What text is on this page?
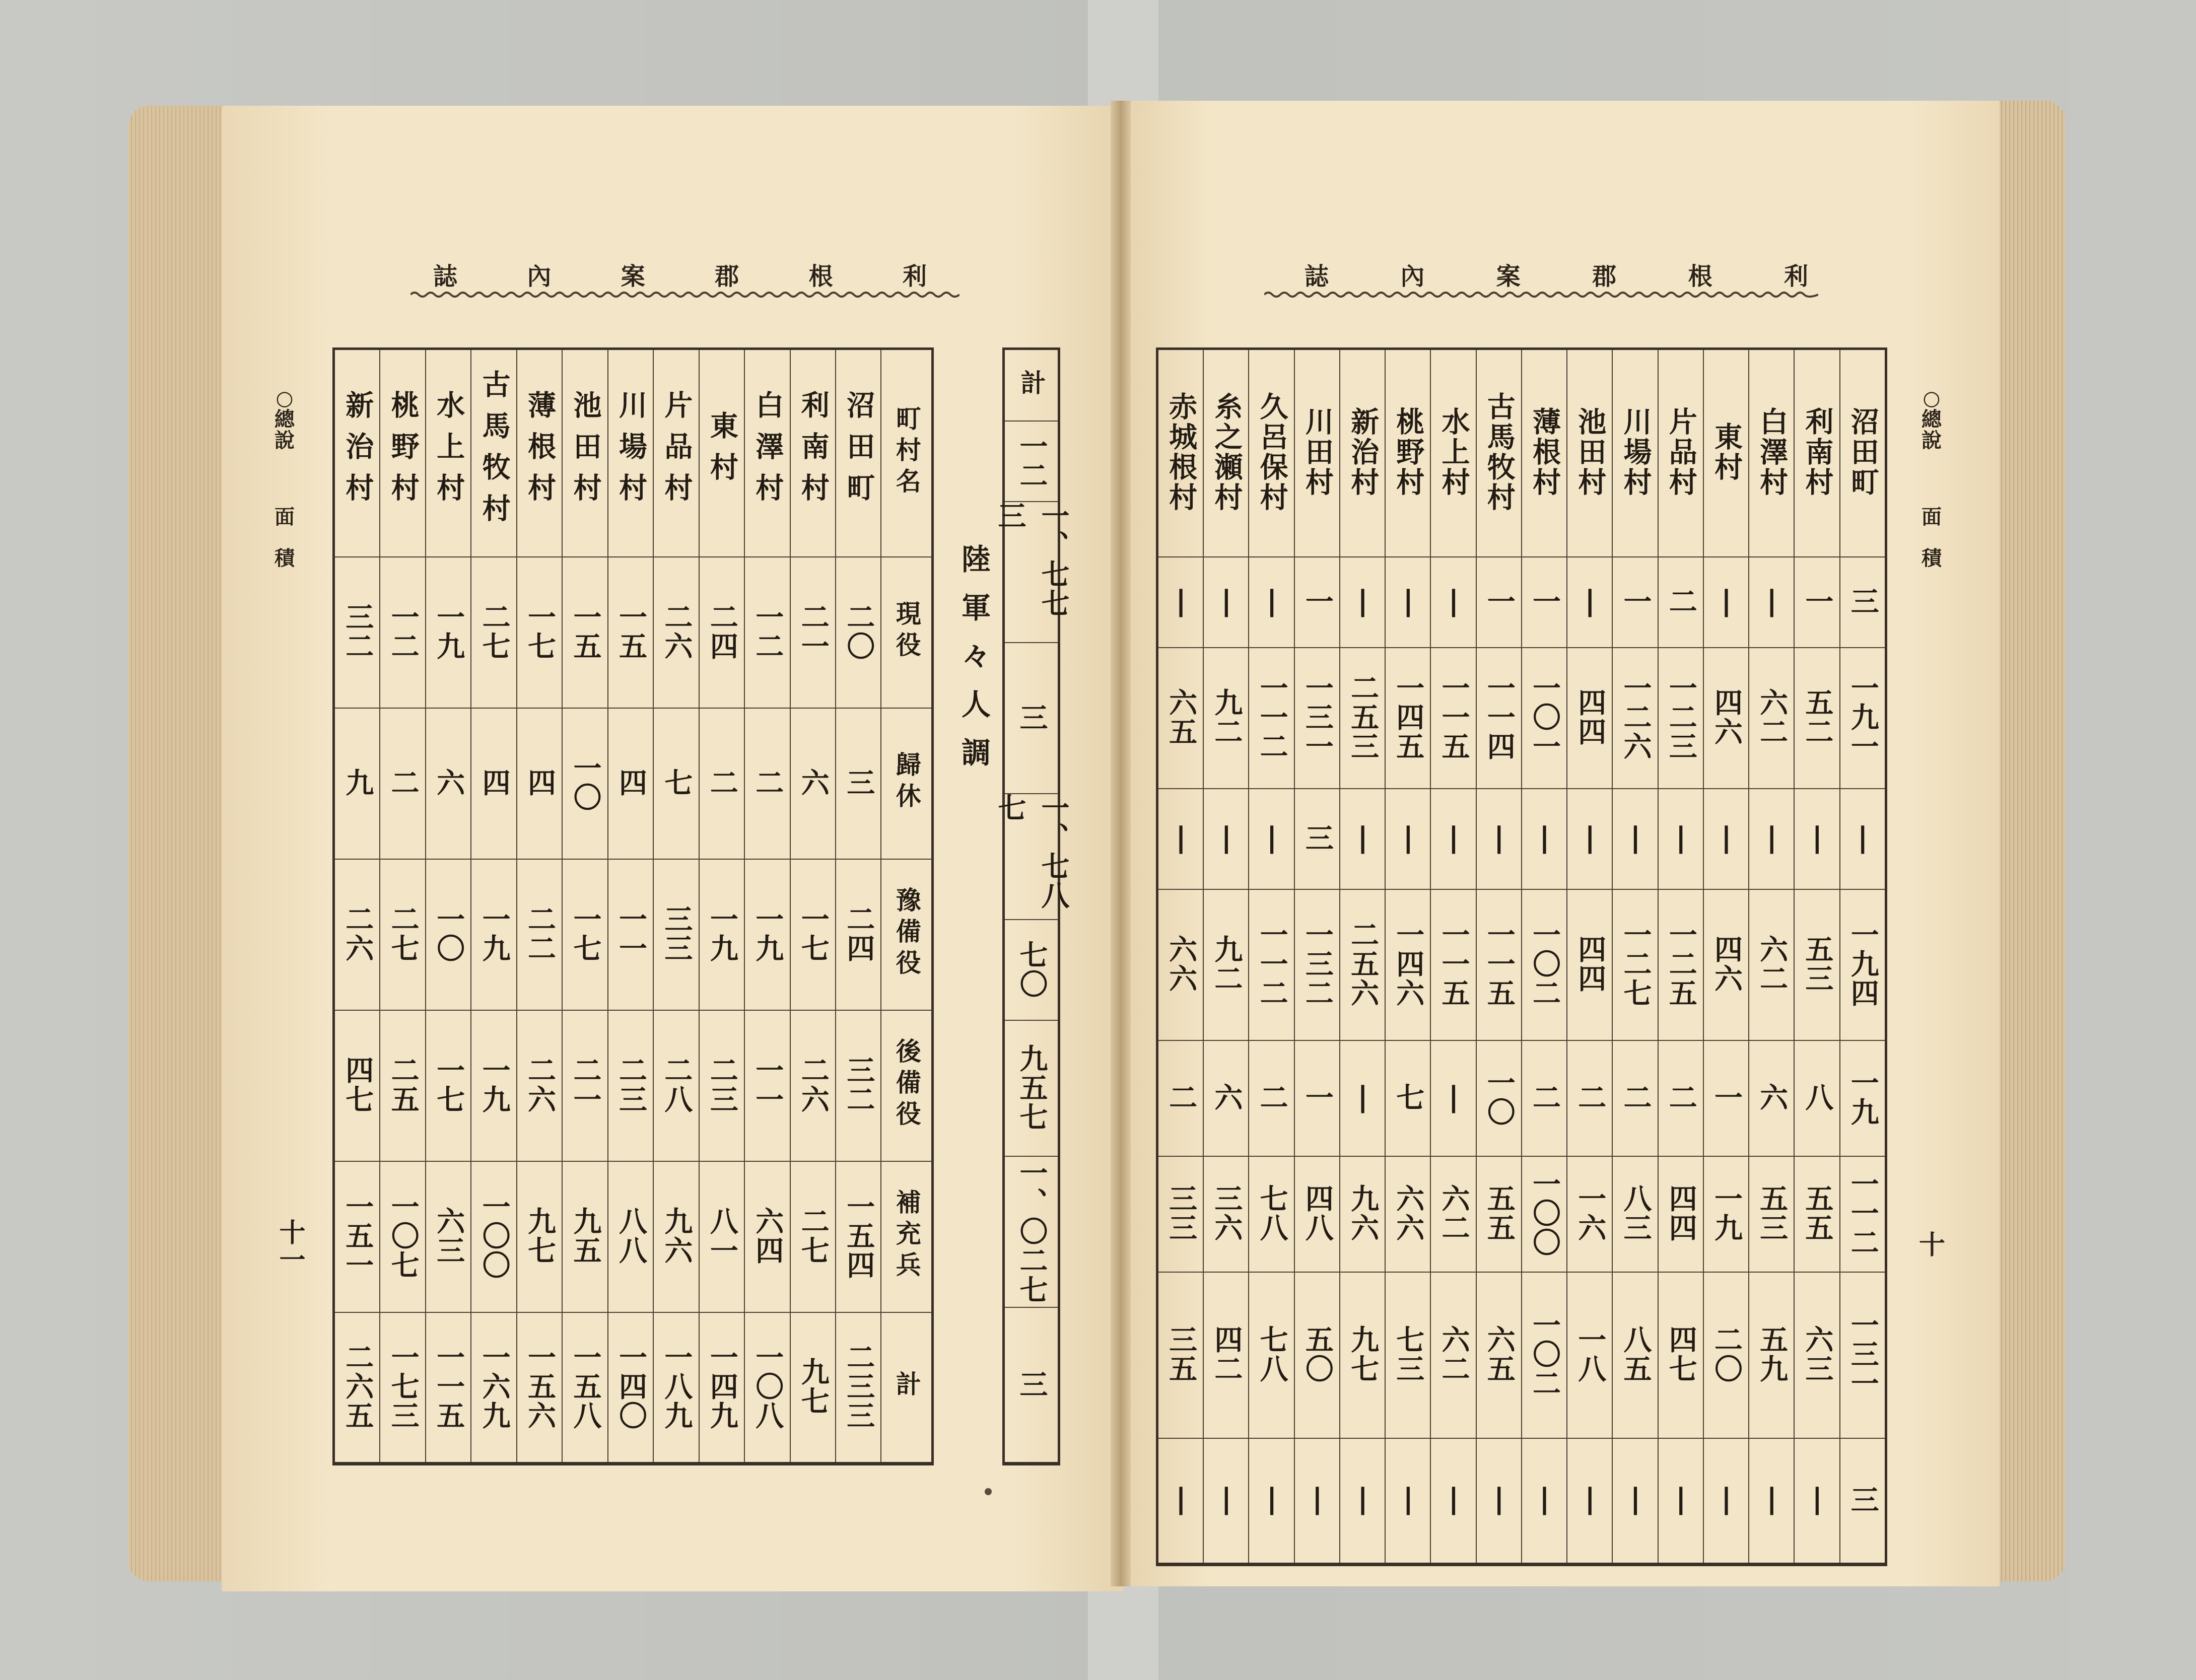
誌	內	案	郡	根	利	誌	內	案	郡	根	利
○
總
說
面
積
十一
○
總
說
面
積
十
新治村	桃野村	水上村	古馬牧村	薄根村	池田村	川場村	片品村	東村	白澤村	利南村	沼田町	町村名
三二	一二	一九	二七	一七	一五	一五	二六	二四	一二	二一	二〇	現役
九	二	六	四	四	一〇	四	七	二	二	六	三	歸休
二六	二七	一〇	一九	二二	一七	一一	三三	一九	一九	一七	二四	豫備役
四七	二五	一七	一九	二六	二一	二三	二八	二三	一一	二六	三二	後備役
一五一	一〇七	六三	一〇〇	九七	九五	八八	九六	八一	六四	二七	一五四	補充兵
二六五	一七三	一一五	一六九	一五六	一五八	一四〇	一八九	一四九	一〇八	九七	二三三	計
計
一二
一、七七三
三
一、七八七
七〇
九五七
一、〇二七
三
陸軍々人調
赤城根村	糸之瀬村	久呂保村	川田村	新治村	桃野村	水上村	古馬牧村	薄根村	池田村	川場村	片品村	東村	白澤村	利南村	沼田町
|	|	|	一	|	|	|	一	一	|	一	二	|	|	一	三
六五	九二	一一二	一三一	二五三	一四五	一一五	一一四	一〇一	四四	一二六	一二三	四六	六二	五二	一九一
|	|	|	三	|	|	|	|	|	|	|	|	|	|	|	|
六六	九二	一一二	一三二	二五六	一四六	一一五	一一五	一〇二	四四	一二七	一二五	四六	六二	五三	一九四
二	六	二	一	|	七	|	一〇	二	二	二	二	一	六	八	一九
三三	三六	七八	四八	九六	六六	六二	五五	一〇〇	一六	八三	四四	一九	五三	五五	一一二
三五	四二	七八	五〇	九七	七三	六二	六五	一〇二	一八	八五	四七	二〇	五九	六三	一三一
|	|	|	|	|	|	|	|	|	|	|	|	|	|	|	三
